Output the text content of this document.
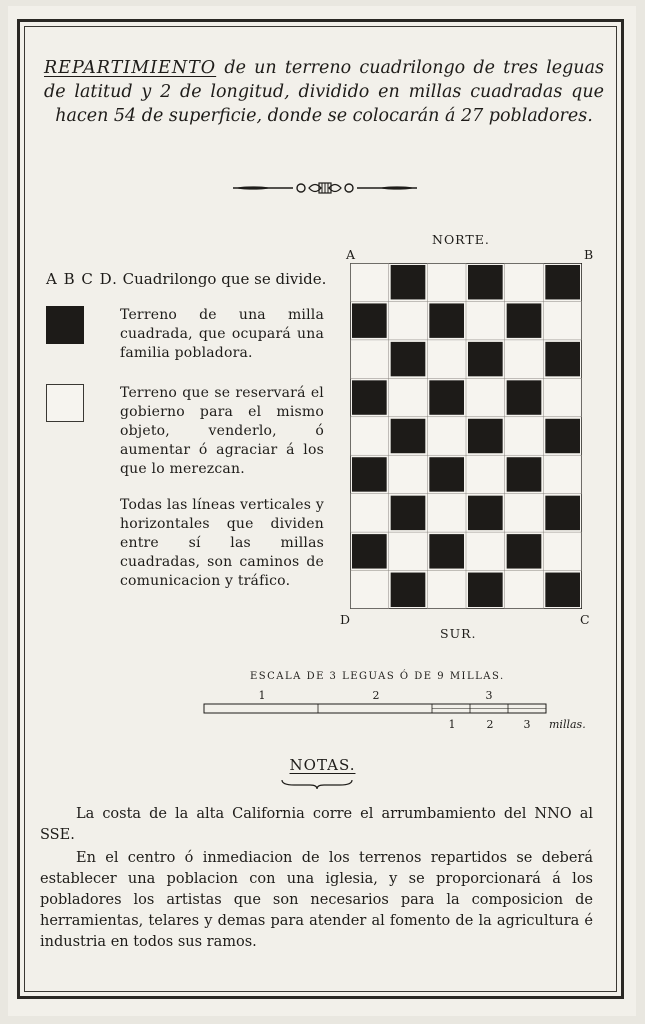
REPARTIMIENTO de un terreno cuadrilongo de tres leguas de latitud y 2 de longitud, dividido en millas cuadradas que hacen 54 de superficie, donde se colocarán á 27 pobladores.
A B C D. Cuadrilongo que se divide.
Terreno de una milla cuadrada, que ocupará una familia pobladora.
Terreno que se reservará el gobierno para el mismo objeto, venderlo, ó aumentar ó agraciar á los que lo merezcan.
Todas las líneas verticales y horizontales que dividen entre sí las millas cuadradas, son caminos de comunicacion y tráfico.
NORTE.
A	B
D	C
SUR.
ESCALA DE 3 LEGUAS Ó DE 9 MILLAS.
1	2	3
1	2	3 millas.
NOTAS.
La costa de la alta California corre el arrumbamiento del NNO al SSE.
En el centro ó inmediacion de los terrenos repartidos se deberá establecer una poblacion con una iglesia, y se proporcionará á los pobladores los artistas que son necesarios para la composicion de herramientas, telares y demas para atender al fomento de la agricultura é industria en todos sus ramos.
